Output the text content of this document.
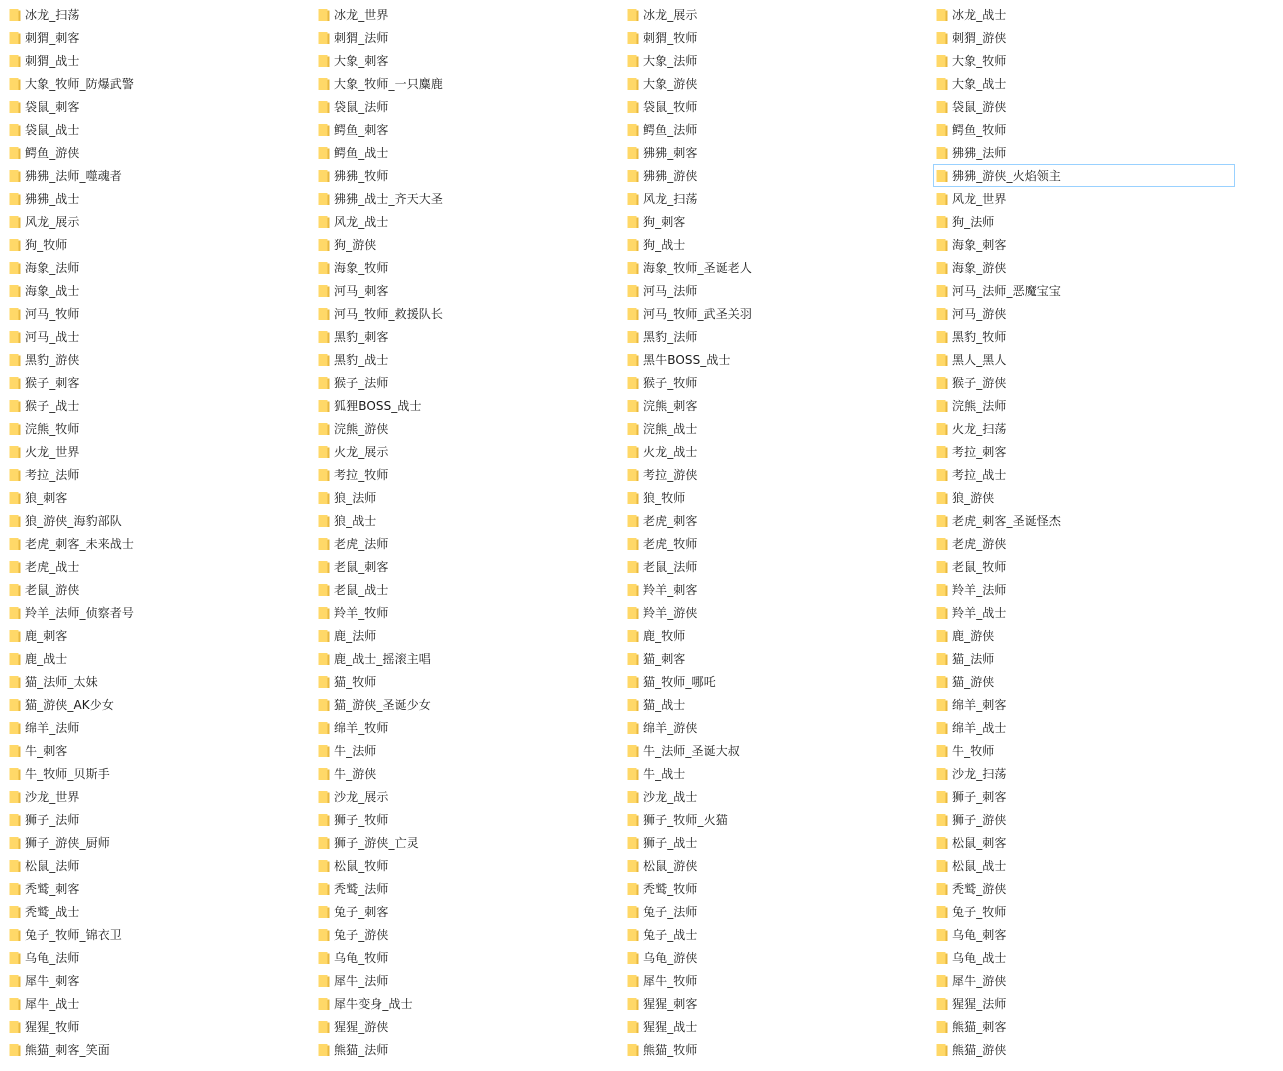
冰龙_扫荡	冰龙_世界	冰龙_展示	冰龙_战士
刺猬_刺客	刺猬_法师	刺猬_牧师	刺猬_游侠
刺猬_战士	大象_刺客	大象_法师	大象_牧师
大象_牧师_防爆武警	大象_牧师_一只麋鹿	大象_游侠	大象_战士
袋鼠_刺客	袋鼠_法师	袋鼠_牧师	袋鼠_游侠
袋鼠_战士	鳄鱼_刺客	鳄鱼_法师	鳄鱼_牧师
鳄鱼_游侠	鳄鱼_战士	狒狒_刺客	狒狒_法师
狒狒_法师_噬魂者	狒狒_牧师	狒狒_游侠	狒狒_游侠_火焰领主
狒狒_战士	狒狒_战士_齐天大圣	风龙_扫荡	风龙_世界
风龙_展示	风龙_战士	狗_刺客	狗_法师
狗_牧师	狗_游侠	狗_战士	海象_刺客
海象_法师	海象_牧师	海象_牧师_圣诞老人	海象_游侠
海象_战士	河马_刺客	河马_法师	河马_法师_恶魔宝宝
河马_牧师	河马_牧师_救援队长	河马_牧师_武圣关羽	河马_游侠
河马_战士	黑豹_刺客	黑豹_法师	黑豹_牧师
黑豹_游侠	黑豹_战士	黑牛BOSS_战士	黑人_黑人
猴子_刺客	猴子_法师	猴子_牧师	猴子_游侠
猴子_战士	狐狸BOSS_战士	浣熊_刺客	浣熊_法师
浣熊_牧师	浣熊_游侠	浣熊_战士	火龙_扫荡
火龙_世界	火龙_展示	火龙_战士	考拉_刺客
考拉_法师	考拉_牧师	考拉_游侠	考拉_战士
狼_刺客	狼_法师	狼_牧师	狼_游侠
狼_游侠_海豹部队	狼_战士	老虎_刺客	老虎_刺客_圣诞怪杰
老虎_刺客_未来战士	老虎_法师	老虎_牧师	老虎_游侠
老虎_战士	老鼠_刺客	老鼠_法师	老鼠_牧师
老鼠_游侠	老鼠_战士	羚羊_刺客	羚羊_法师
羚羊_法师_侦察者号	羚羊_牧师	羚羊_游侠	羚羊_战士
鹿_刺客	鹿_法师	鹿_牧师	鹿_游侠
鹿_战士	鹿_战士_摇滚主唱	猫_刺客	猫_法师
猫_法师_太妹	猫_牧师	猫_牧师_哪吒	猫_游侠
猫_游侠_AK少女	猫_游侠_圣诞少女	猫_战士	绵羊_刺客
绵羊_法师	绵羊_牧师	绵羊_游侠	绵羊_战士
牛_刺客	牛_法师	牛_法师_圣诞大叔	牛_牧师
牛_牧师_贝斯手	牛_游侠	牛_战士	沙龙_扫荡
沙龙_世界	沙龙_展示	沙龙_战士	狮子_刺客
狮子_法师	狮子_牧师	狮子_牧师_火猫	狮子_游侠
狮子_游侠_厨师	狮子_游侠_亡灵	狮子_战士	松鼠_刺客
松鼠_法师	松鼠_牧师	松鼠_游侠	松鼠_战士
秃鹫_刺客	秃鹫_法师	秃鹫_牧师	秃鹫_游侠
秃鹫_战士	兔子_刺客	兔子_法师	兔子_牧师
兔子_牧师_锦衣卫	兔子_游侠	兔子_战士	乌龟_刺客
乌龟_法师	乌龟_牧师	乌龟_游侠	乌龟_战士
犀牛_刺客	犀牛_法师	犀牛_牧师	犀牛_游侠
犀牛_战士	犀牛变身_战士	猩猩_刺客	猩猩_法师
猩猩_牧师	猩猩_游侠	猩猩_战士	熊猫_刺客
熊猫_刺客_笑面	熊猫_法师	熊猫_牧师	熊猫_游侠
